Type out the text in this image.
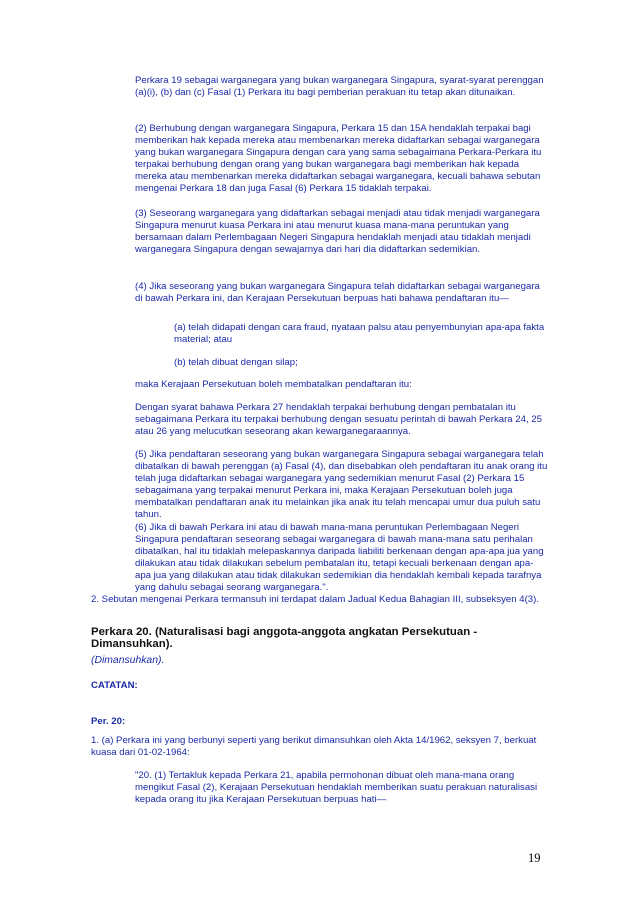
Perkara 19 sebagai warganegara yang bukan warganegara Singapura, syarat-syarat perenggan (a)(i), (b) dan (c) Fasal (1) Perkara itu bagi pemberian perakuan itu tetap akan ditunaikan.

(2) Berhubung dengan warganegara Singapura, Perkara 15 dan 15A hendaklah terpakai bagi memberikan hak kepada mereka atau membenarkan mereka didaftarkan sebagai warganegara yang bukan warganegara Singapura dengan cara yang sama sebagaimana Perkara-Perkara itu terpakai berhubung dengan orang yang bukan warganegara bagi memberikan hak kepada mereka atau membenarkan mereka didaftarkan sebagai warganegara, kecuali bahawa sebutan mengenai Perkara 18 dan juga Fasal (6) Perkara 15 tidaklah terpakai.

(3) Seseorang warganegara yang didaftarkan sebagai menjadi atau tidak menjadi warganegara Singapura menurut kuasa Perkara ini atau menurut kuasa mana-mana peruntukan yang bersamaan dalam Perlembagaan Negeri Singapura hendaklah menjadi atau tidaklah menjadi warganegara Singapura dengan sewajarnya dari hari dia didaftarkan sedemikian.

(4) Jika seseorang yang bukan warganegara Singapura telah didaftarkan sebagai warganegara di bawah Perkara ini, dan Kerajaan Persekutuan berpuas hati bahawa pendaftaran itu—

(a) telah didapati dengan cara fraud, nyataan palsu atau penyembunyian apa-apa fakta material; atau

(b) telah dibuat dengan silap;

maka Kerajaan Persekutuan boleh membatalkan pendaftaran itu:

Dengan syarat bahawa Perkara 27 hendaklah terpakai berhubung dengan pembatalan itu sebagaimana Perkara itu terpakai berhubung dengan sesuatu perintah di bawah Perkara 24, 25 atau 26 yang melucutkan seseorang akan kewarganegaraannya.

(5) Jika pendaftaran seseorang yang bukan warganegara Singapura sebagai warganegara telah dibatalkan di bawah perenggan (a) Fasal (4), dan disebabkan oleh pendaftaran itu anak orang itu telah juga didaftarkan sebagai warganegara yang sedemikian menurut Fasal (2) Perkara 15 sebagaimana yang terpakai menurut Perkara ini, maka Kerajaan Persekutuan boleh juga membatalkan pendaftaran anak itu melainkan jika anak itu telah mencapai umur dua puluh satu tahun.

(6) Jika di bawah Perkara ini atau di bawah mana-mana peruntukan Perlembagaan Negeri Singapura pendaftaran seseorang sebagai warganegara di bawah mana-mana satu perihalan dibatalkan, hal itu tidaklah melepaskannya daripada liabiliti berkenaan dengan apa-apa jua yang dilakukan atau tidak dilakukan sebelum pembatalan itu, tetapi kecuali berkenaan dengan apa-apa jua yang dilakukan atau tidak dilakukan sedemikian dia hendaklah kembali kepada tarafnya yang dahulu sebagai seorang warganegara.".

2. Sebutan mengenai Perkara termansuh ini terdapat dalam Jadual Kedua Bahagian III, subseksyen 4(3).

Perkara 20. (Naturalisasi bagi anggota-anggota angkatan Persekutuan - Dimansuhkan).

(Dimansuhkan).

CATATAN:

Per. 20:

1. (a) Perkara ini yang berbunyi seperti yang berikut dimansuhkan oleh Akta 14/1962, seksyen 7, berkuat kuasa dari 01-02-1964:

"20. (1) Tertakluk kepada Perkara 21, apabila permohonan dibuat oleh mana-mana orang mengikut Fasal (2), Kerajaan Persekutuan hendaklah memberikan suatu perakuan naturalisasi kepada orang itu jika Kerajaan Persekutuan berpuas hati—

19
